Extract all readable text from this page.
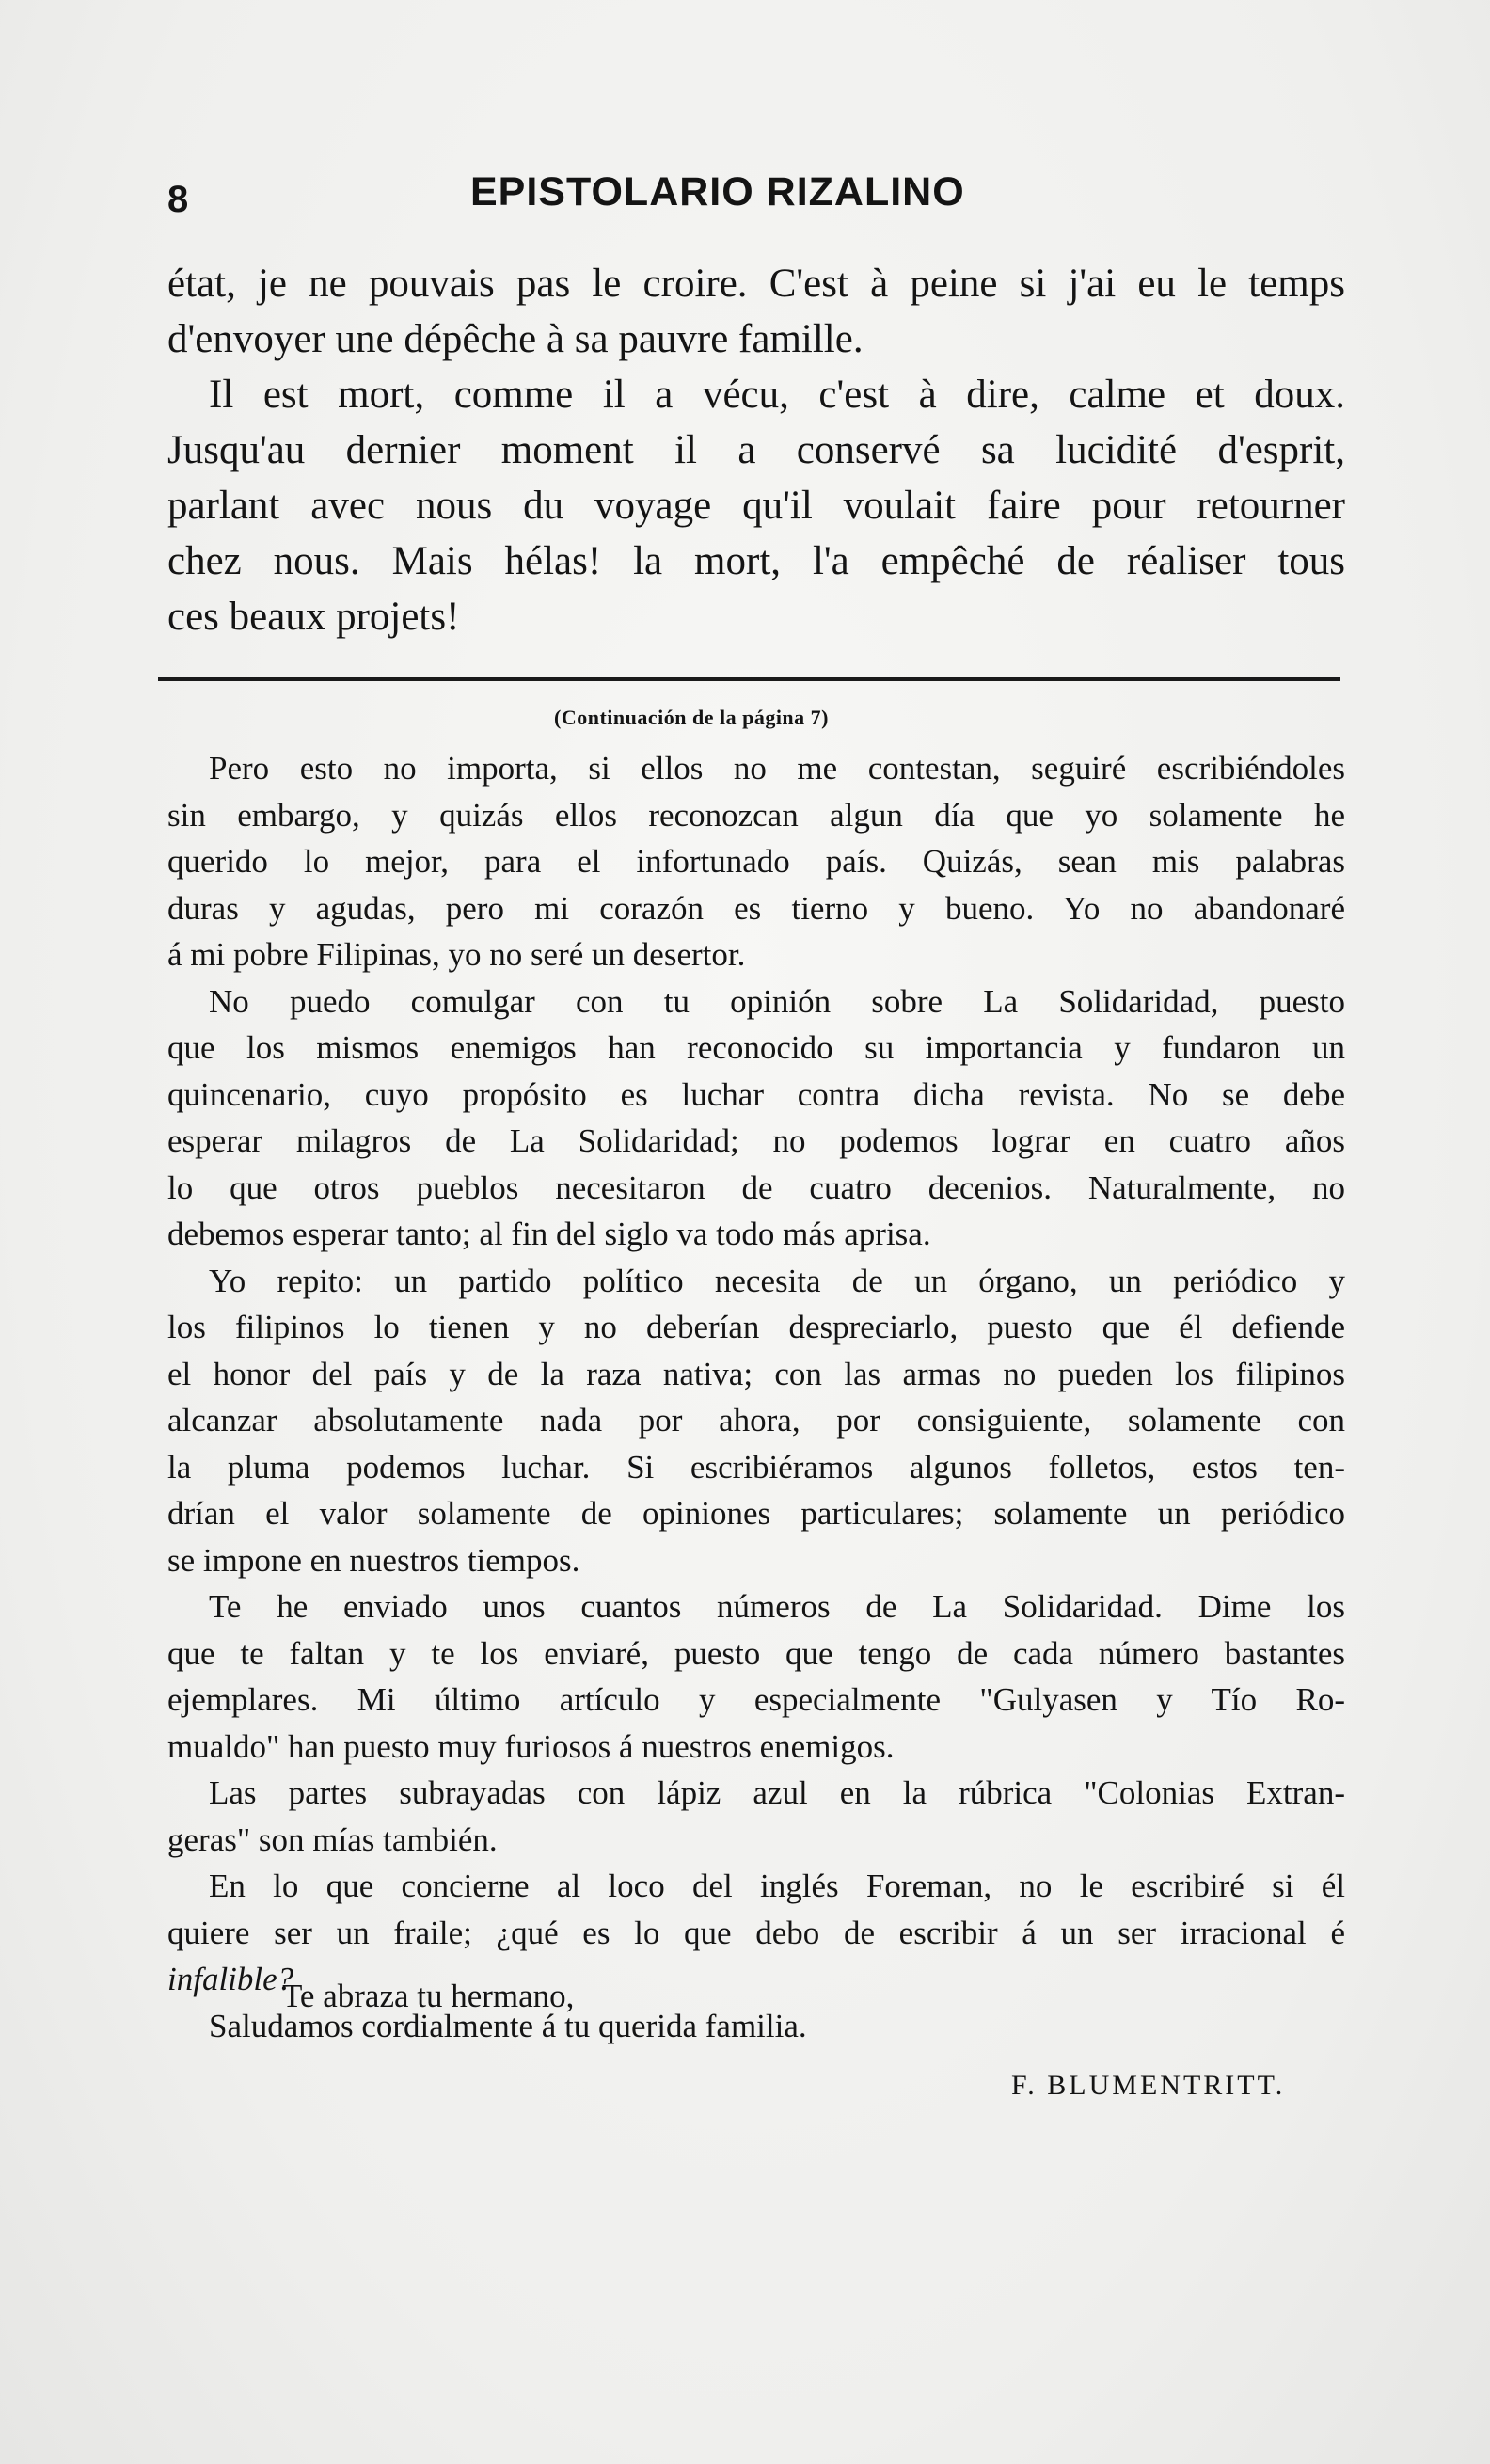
8	EPISTOLARIO RIZALINO
état, je ne pouvais pas le croire. C'est à peine si j'ai eu le temps
d'envoyer une dépêche à sa pauvre famille.
Il est mort, comme il a vécu, c'est à dire, calme et doux.
Jusqu'au dernier moment il a conservé sa lucidité d'esprit,
parlant avec nous du voyage qu'il voulait faire pour retourner
chez nous. Mais hélas! la mort, l'a empêché de réaliser tous
ces beaux projets!
(Continuación de la página 7)
Pero esto no importa, si ellos no me contestan, seguiré escribiéndoles
sin embargo, y quizás ellos reconozcan algun día que yo solamente he
querido lo mejor, para el infortunado país. Quizás, sean mis palabras
duras y agudas, pero mi corazón es tierno y bueno. Yo no abandonaré
á mi pobre Filipinas, yo no seré un desertor.
No puedo comulgar con tu opinión sobre La Solidaridad, puesto
que los mismos enemigos han reconocido su importancia y fundaron un
quincenario, cuyo propósito es luchar contra dicha revista. No se debe
esperar milagros de La Solidaridad; no podemos lograr en cuatro años
lo que otros pueblos necesitaron de cuatro decenios. Naturalmente, no
debemos esperar tanto; al fin del siglo va todo más aprisa.
Yo repito: un partido político necesita de un órgano, un periódico y
los filipinos lo tienen y no deberían despreciarlo, puesto que él defiende
el honor del país y de la raza nativa; con las armas no pueden los filipinos
alcanzar absolutamente nada por ahora, por consiguiente, solamente con
la pluma podemos luchar. Si escribiéramos algunos folletos, estos ten-
drían el valor solamente de opiniones particulares; solamente un periódico
se impone en nuestros tiempos.
Te he enviado unos cuantos números de La Solidaridad. Dime los
que te faltan y te los enviaré, puesto que tengo de cada número bastantes
ejemplares. Mi último artículo y especialmente "Gulyasen y Tío Ro-
mualdo" han puesto muy furiosos á nuestros enemigos.
Las partes subrayadas con lápiz azul en la rúbrica "Colonias Extran-
geras" son mías también.
En lo que concierne al loco del inglés Foreman, no le escribiré si él
quiere ser un fraile; ¿qué es lo que debo de escribir á un ser irracional é
infalible?
Saludamos cordialmente á tu querida familia.
Te abraza tu hermano,
F. BLUMENTRITT.
